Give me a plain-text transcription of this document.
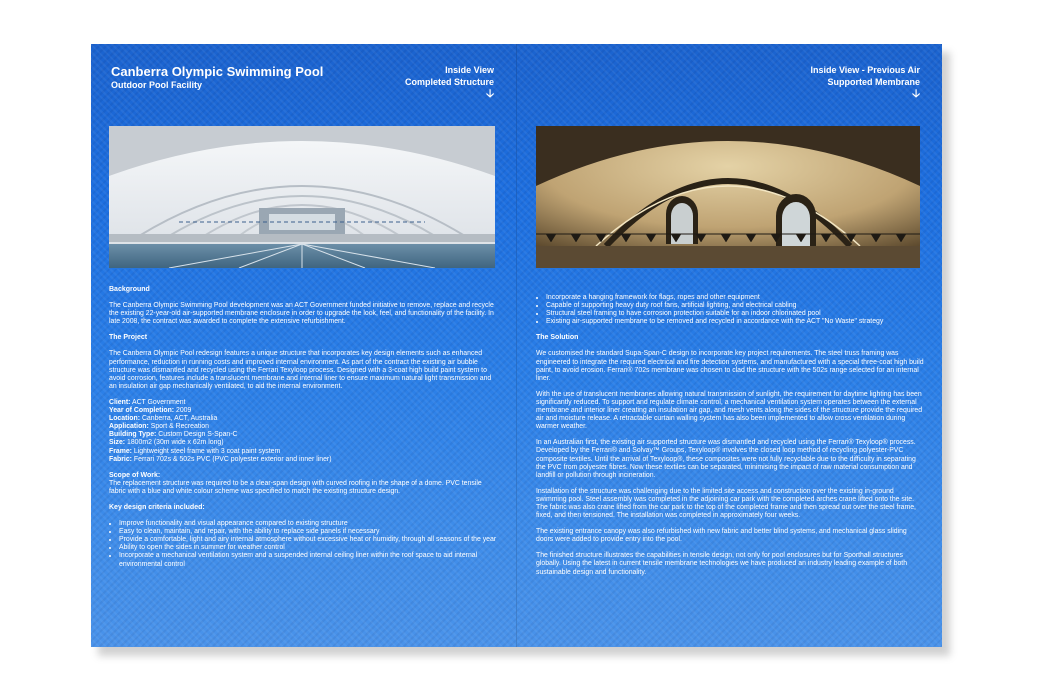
Canberra Olympic Swimming Pool
Outdoor Pool Facility
Inside View
Completed Structure
🡣
Inside View - Previous Air
Supported Membrane
🡣
Background

The Canberra Olympic Swimming Pool development was an ACT Government funded initiative to remove, replace and recycle the existing 22-year-old air-supported membrane enclosure in order to upgrade the look, feel, and functionality of the facility. In late 2008, the contract was awarded to complete the extensive refurbishment.

The Project

The Canberra Olympic Pool redesign features a unique structure that incorporates key design elements such as enhanced performance, reduction in running costs and improved internal environment. As part of the contract the existing air bubble structure was dismantled and recycled using the Ferrari Texyloop process. Designed with a 3-coat high build paint system to avoid corrosion, features include a translucent membrane and internal liner to ensure maximum natural light transmission and an insulation air gap mechanically ventilated, to aid the internal environment.

Client: ACT Government
Year of Completion: 2009
Location: Canberra, ACT, Australia
Application: Sport & Recreation
Building Type: Custom Design S-Span-C
Size: 1800m2 (30m wide x 62m long)
Frame: Lightweight steel frame with 3 coat paint system
Fabric: Ferrari 702s & 502s PVC (PVC polyester exterior and inner liner)
Scope of Work:

The replacement structure was required to be a clear-span design with curved roofing in the shape of a dome. PVC tensile fabric with a blue and white colour scheme was specified to match the existing structure design.

Key design criteria included:
• Improve functionality and visual appearance compared to existing structure
• Easy to clean, maintain, and repair, with the ability to replace side panels if necessary
• Provide a comfortable, light and airy internal atmosphere without excessive heat or humidity, through all seasons of the year
• Ability to open the sides in summer for weather control
• Incorporate a mechanical ventilation system and a suspended internal ceiling liner within the roof space to aid internal environmental control
• Incorporate a hanging framework for flags, ropes and other equipment
• Capable of supporting heavy duty roof fans, artificial lighting, and electrical cabling
• Structural steel framing to have corrosion protection suitable for an indoor chlorinated pool
• Existing air-supported membrane to be removed and recycled in accordance with the ACT "No Waste" strategy
The Solution

We customised the standard Supa-Span-C design to incorporate key project requirements. The steel truss framing was engineered to integrate the required electrical and fire detection systems, and manufactured with a special three-coat high build paint, to avoid erosion. Ferrari® 702s membrane was chosen to clad the structure with the 502s range selected for an internal liner.

With the use of translucent membranes allowing natural transmission of sunlight, the requirement for daytime lighting has been significantly reduced. To support and regulate climate control, a mechanical ventilation system operates between the external membrane and interior liner creating an insulation air gap, and mesh vents along the sides of the structure provide the required air and moisture release. A retractable curtain walling system has also been implemented to allow cross ventilation during warmer weather.

In an Australian first, the existing air supported structure was dismantled and recycled using the Ferrari® Texyloop® process. Developed by the Ferrari® and Solvay™ Groups, Texyloop® involves the closed loop method of recycling polyester-PVC composite textiles. Until the arrival of Texyloop®, these composites were not fully recyclable due to the difficulty in separating the PVC from polyester fibres. Now these textiles can be separated, minimising the impact of raw material consumption and landfill or pollution through incineration.

Installation of the structure was challenging due to the limited site access and construction over the existing in-ground swimming pool. Steel assembly was completed in the adjoining car park with the completed arches crane lifted onto the site. The fabric was also crane lifted from the car park to the top of the completed frame and then spread out over the steel frame, fixed, and then tensioned. The installation was completed in approximately four weeks.

The existing entrance canopy was also refurbished with new fabric and better blind systems, and mechanical glass sliding doors were added to provide entry into the pool.

The finished structure illustrates the capabilities in tensile design, not only for pool enclosures but for Sporthall structures globally. Using the latest in current tensile membrane technologies we have produced an industry leading example of both sustainable design and functionality.
